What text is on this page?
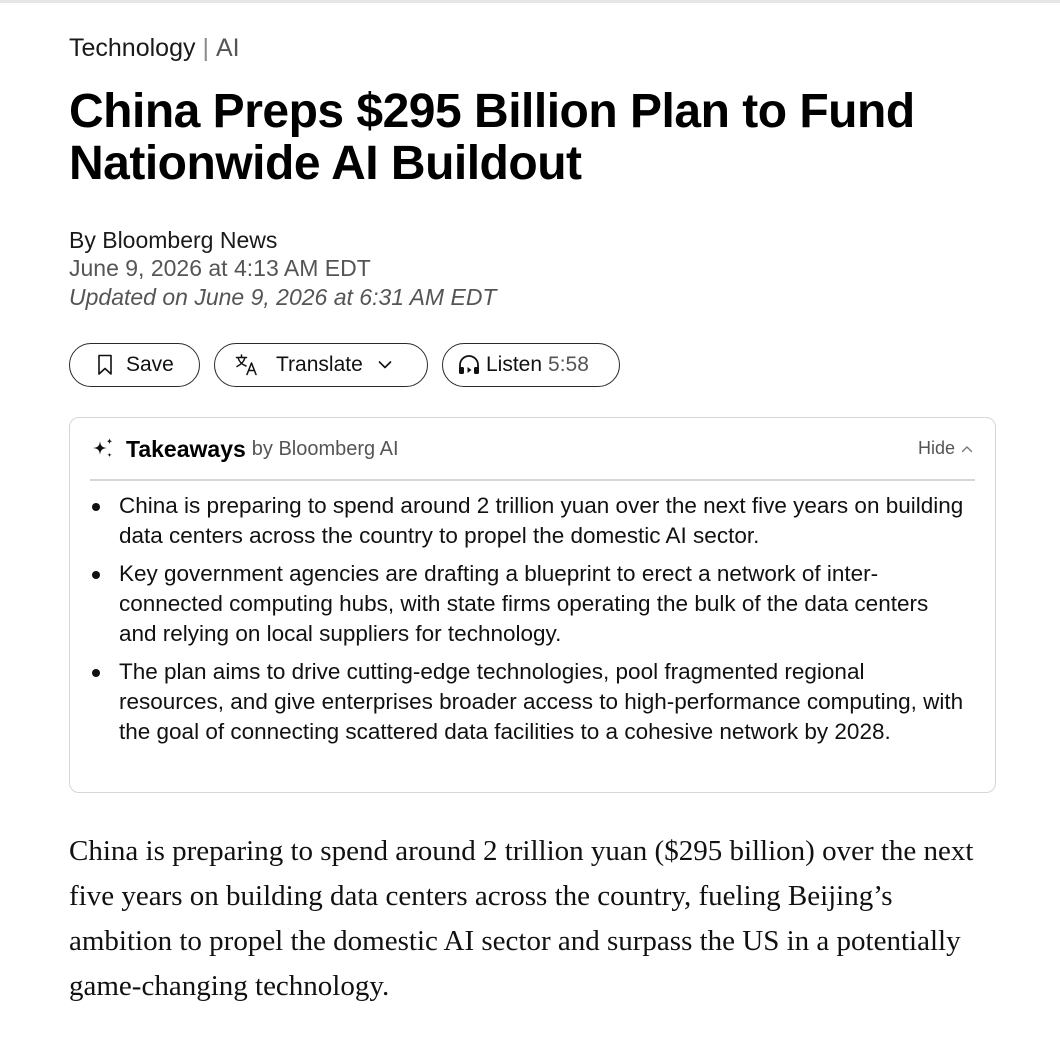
Technology | AI
China Preps $295 Billion Plan to Fund Nationwide AI Buildout
By Bloomberg News
June 9, 2026 at 4:13 AM EDT
Updated on June 9, 2026 at 6:31 AM EDT
Save	Translate	Listen 5:58
Takeaways by Bloomberg AI	Hide
China is preparing to spend around 2 trillion yuan over the next five years on building data centers across the country to propel the domestic AI sector.
Key government agencies are drafting a blueprint to erect a network of inter-connected computing hubs, with state firms operating the bulk of the data centers and relying on local suppliers for technology.
The plan aims to drive cutting-edge technologies, pool fragmented regional resources, and give enterprises broader access to high-performance computing, with the goal of connecting scattered data facilities to a cohesive network by 2028.

China is preparing to spend around 2 trillion yuan ($295 billion) over the next five years on building data centers across the country, fueling Beijing’s ambition to propel the domestic AI sector and surpass the US in a potentially game-changing technology.
